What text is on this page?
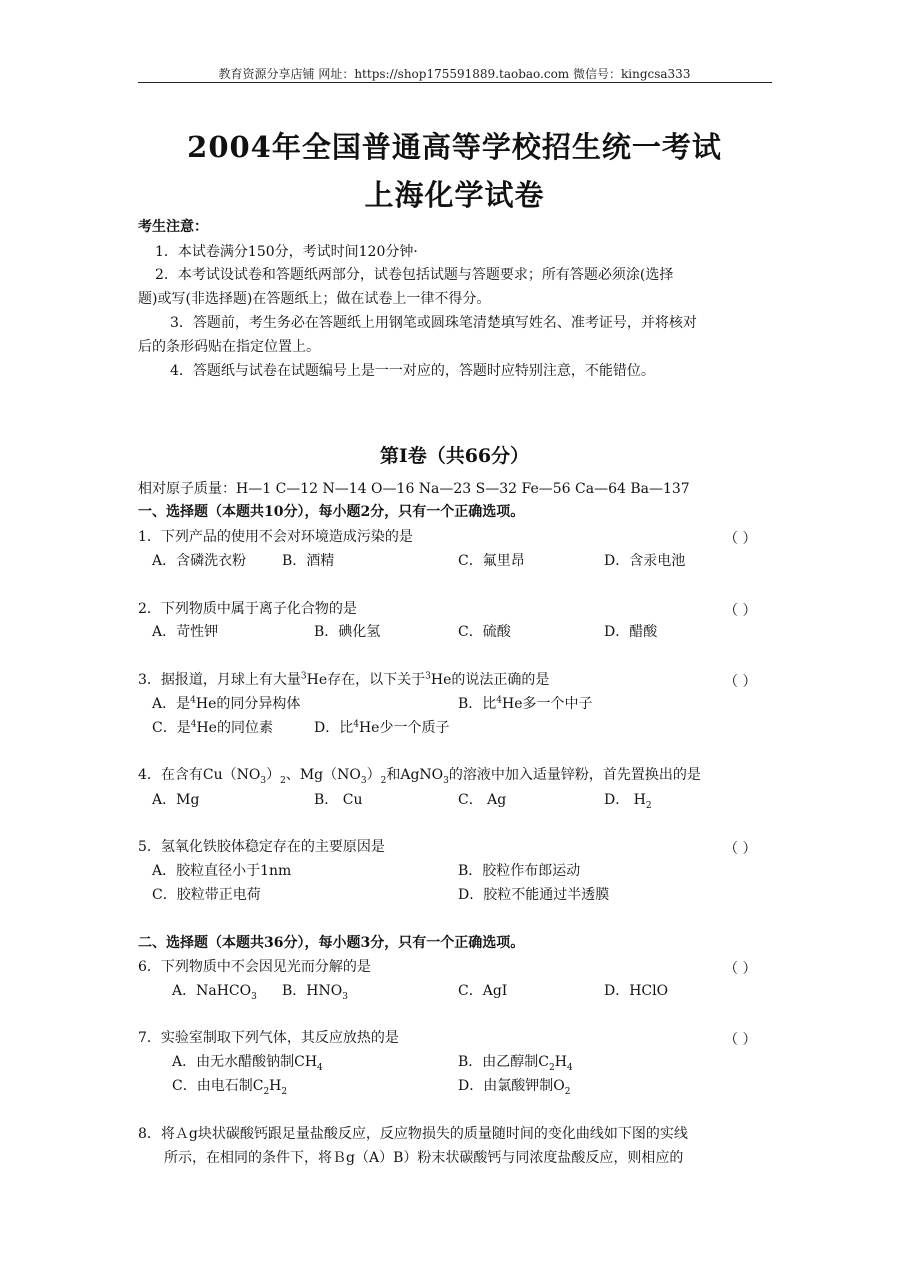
教育资源分享店铺 网址：https://shop175591889.taobao.com 微信号：kingcsa333
2004年全国普通高等学校招生统一考试
上海化学试卷
考生注意：
1．本试卷满分150分，考试时间120分钟·
2．本考试设试卷和答题纸两部分，试卷包括试题与答题要求；所有答题必须涂(选择
题)或写(非选择题)在答题纸上；做在试卷上一律不得分。
3．答题前，考生务必在答题纸上用钢笔或圆珠笔清楚填写姓名、准考证号，并将核对
后的条形码贴在指定位置上。
4．答题纸与试卷在试题编号上是一一对应的，答题时应特别注意，不能错位。
第Ⅰ卷（共66分）
相对原子质量：H—1 C—12 N—14 O—16 Na—23 S—32 Fe—56 Ca—64 Ba—137
一、选择题（本题共10分），每小题2分，只有一个正确选项。
1．下列产品的使用不会对环境造成污染的是	（ ）
A．含磷洗衣粉	B．酒精	C．氟里昂	D．含汞电池
2．下列物质中属于离子化合物的是	（ ）
A．苛性钾	B．碘化氢	C．硫酸	D．醋酸
3．据报道，月球上有大量$^3$He存在，以下关于$^3$He的说法正确的是	（ ）
A．是$^4$He的同分异构体	B．比$^4$He多一个中子
C．是$^4$He的同位素	D．比$^4$He少一个质子
4．在含有$Cu(NO_3)_2$、$Mg(NO_3)_2$和AgNO$_3$的溶液中加入适量锌粉，首先置换出的是
A．Mg	B． Cu	C． Ag	D． $H_2$
5．氢氧化铁胶体稳定存在的主要原因是	（ ）
A．胶粒直径小于1nm	B．胶粒作布郎运动
C．胶粒带正电荷	D．胶粒不能通过半透膜
二、选择题（本题共36分），每小题3分，只有一个正确选项。
6．下列物质中不会因见光而分解的是	（ ）
A．NaHCO$_3$ B．$HNO_3$	C．AgI	D．HClO
7．实验室制取下列气体，其反应放热的是	（ ）
A．由无水醋酸钠制$CH_4$	B．由乙醇制$C_2H_4$
C．由电石制$C_2H_2$	D．由氯酸钾制$O_2$
8．将Ａg块状碳酸钙跟足量盐酸反应，反应物损失的质量随时间的变化曲线如下图的实线
所示，在相同的条件下，将Ｂg（A）B）粉末状碳酸钙与同浓度盐酸反应，则相应的
